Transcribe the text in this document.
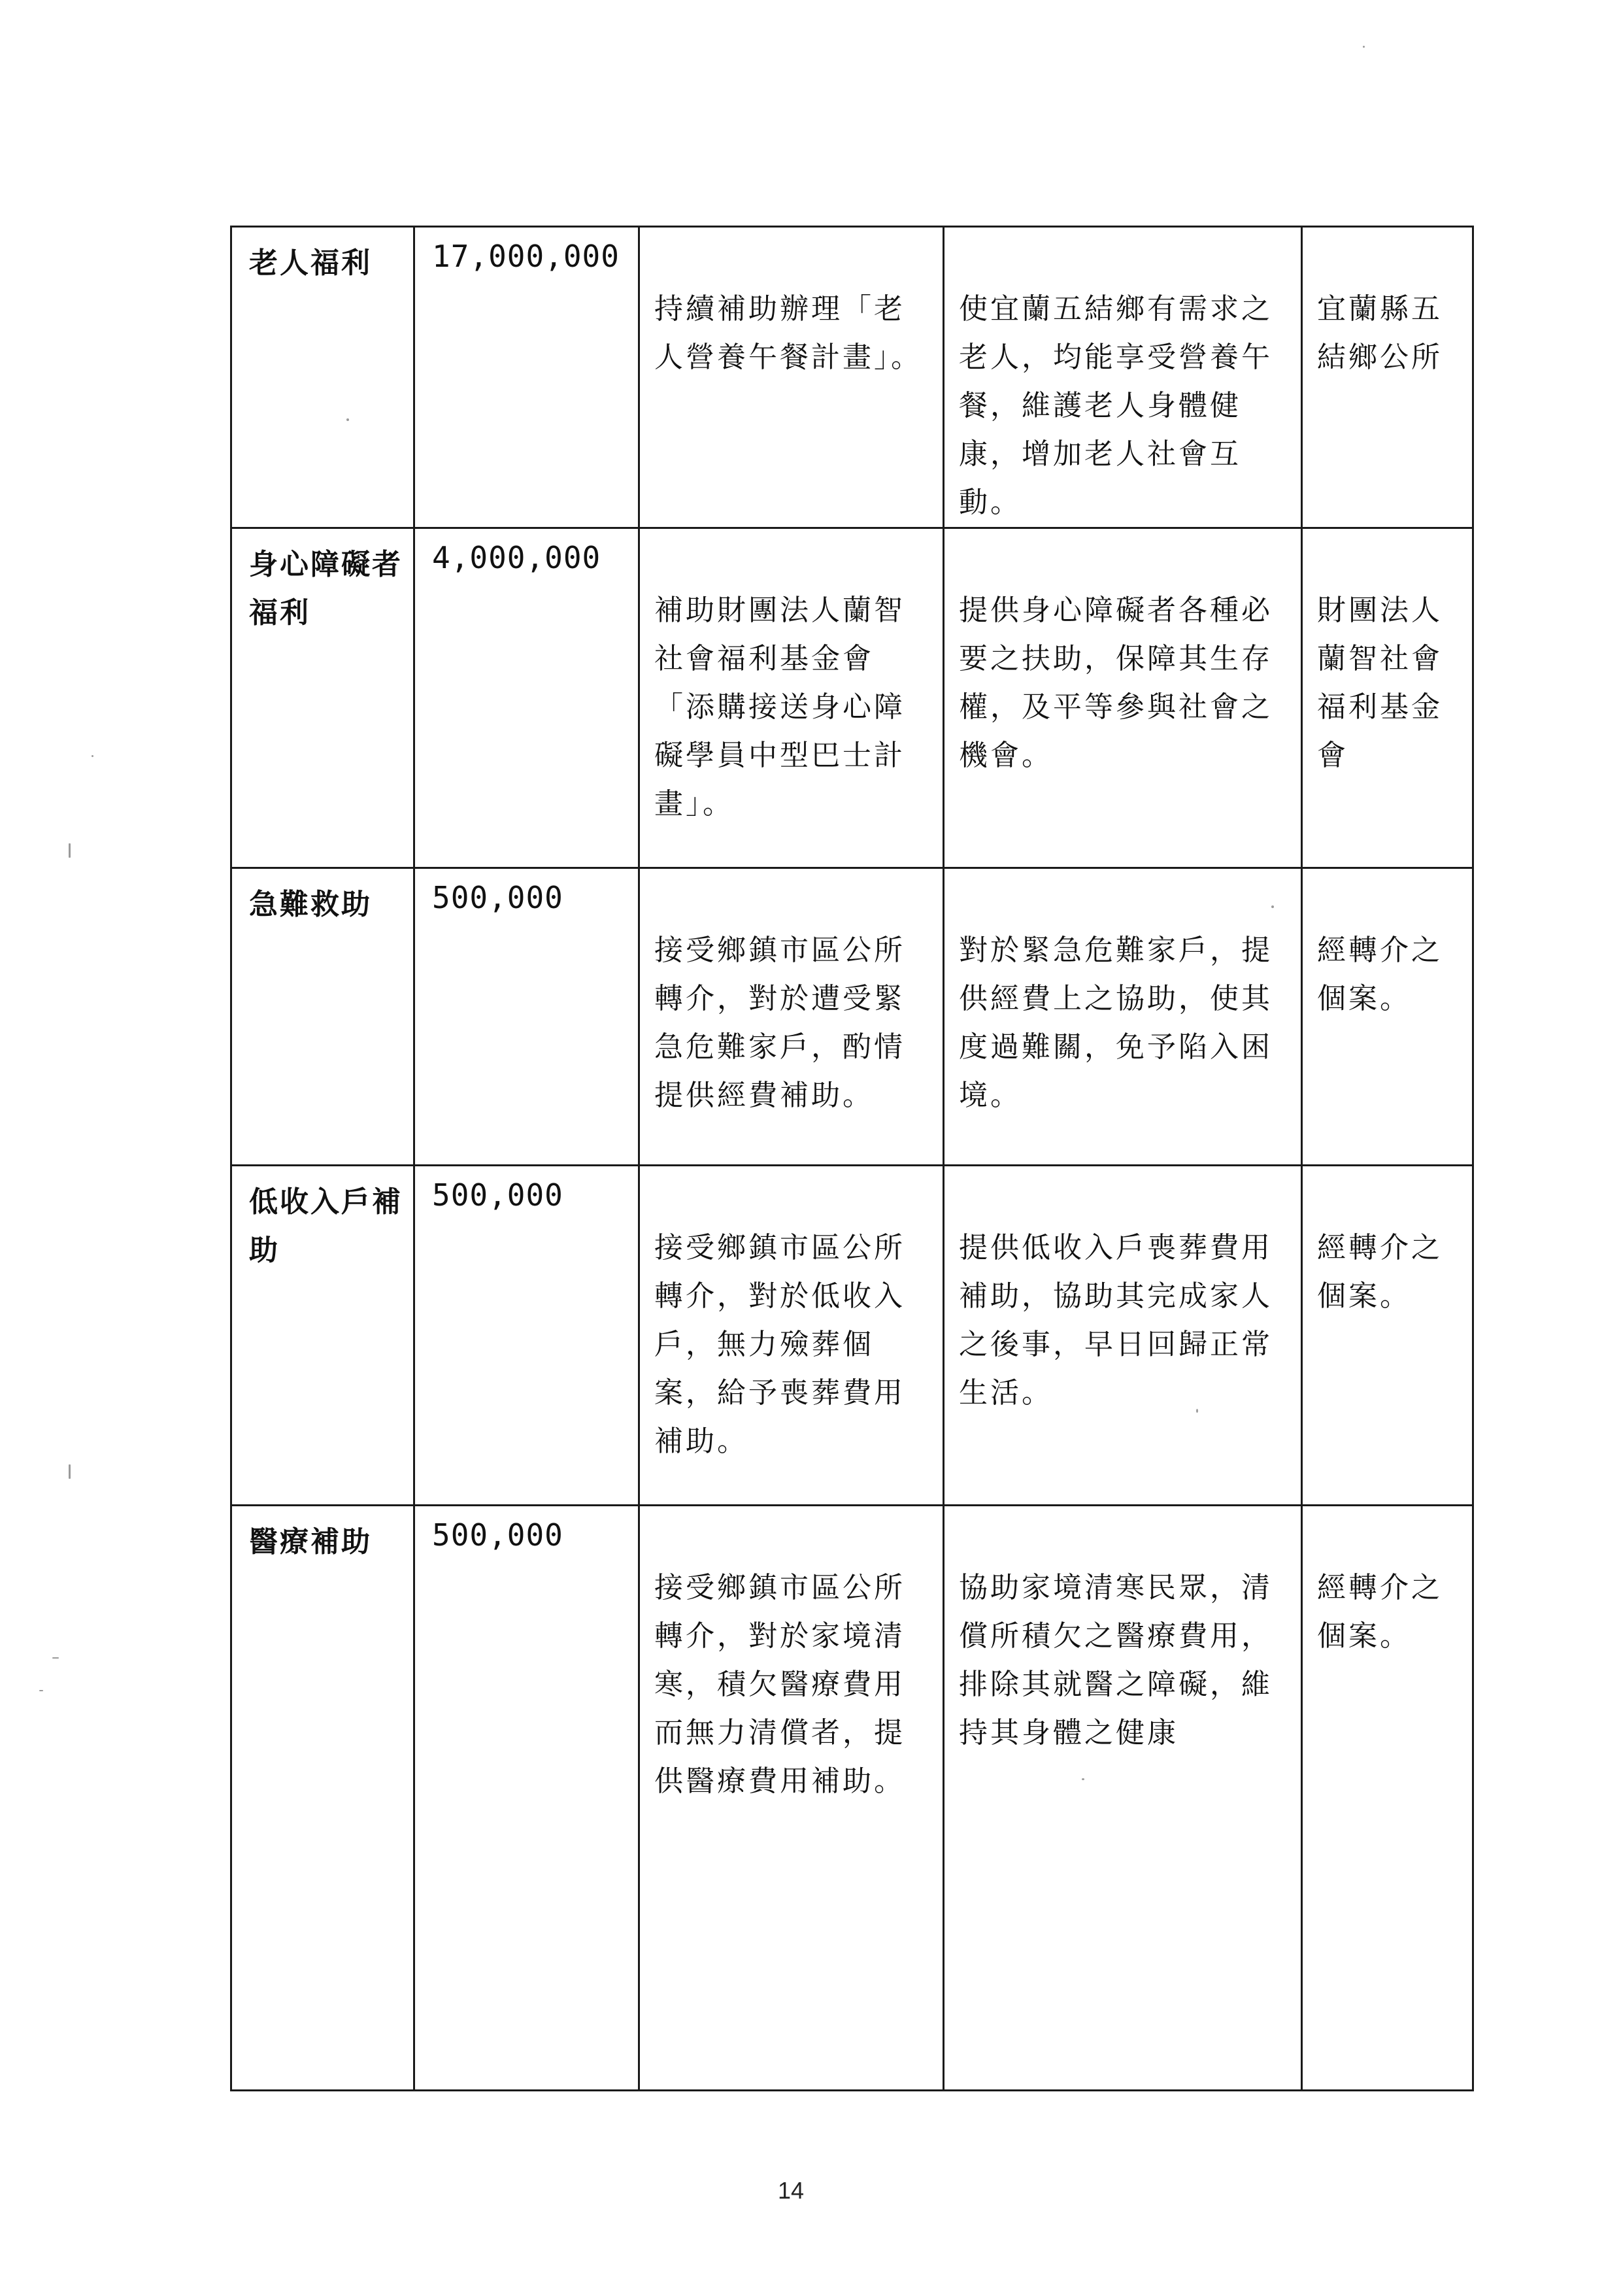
老人福利	17,000,000	持續補助辦理「老人營養午餐計畫」。	使宜蘭五結鄉有需求之老人，均能享受營養午餐，維護老人身體健康，增加老人社會互動。	宜蘭縣五結鄉公所

身心障礙者福利	4,000,000	補助財團法人蘭智社會福利基金會「添購接送身心障礙學員中型巴士計畫」。	提供身心障礙者各種必要之扶助，保障其生存權，及平等參與社會之機會。	財團法人蘭智社會福利基金會

急難救助	500,000	接受鄉鎮市區公所轉介，對於遭受緊急危難家戶，酌情提供經費補助。	對於緊急危難家戶，提供經費上之協助，使其度過難關，免予陷入困境。	經轉介之個案。

低收入戶補助	500,000	接受鄉鎮市區公所轉介，對於低收入戶，無力殮葬個案，給予喪葬費用補助。	提供低收入戶喪葬費用補助，協助其完成家人之後事，早日回歸正常生活。	經轉介之個案。

醫療補助	500,000	接受鄉鎮市區公所轉介，對於家境清寒，積欠醫療費用而無力清償者，提供醫療費用補助。	協助家境清寒民眾，清償所積欠之醫療費用，排除其就醫之障礙，維持其身體之健康	經轉介之個案。
14
